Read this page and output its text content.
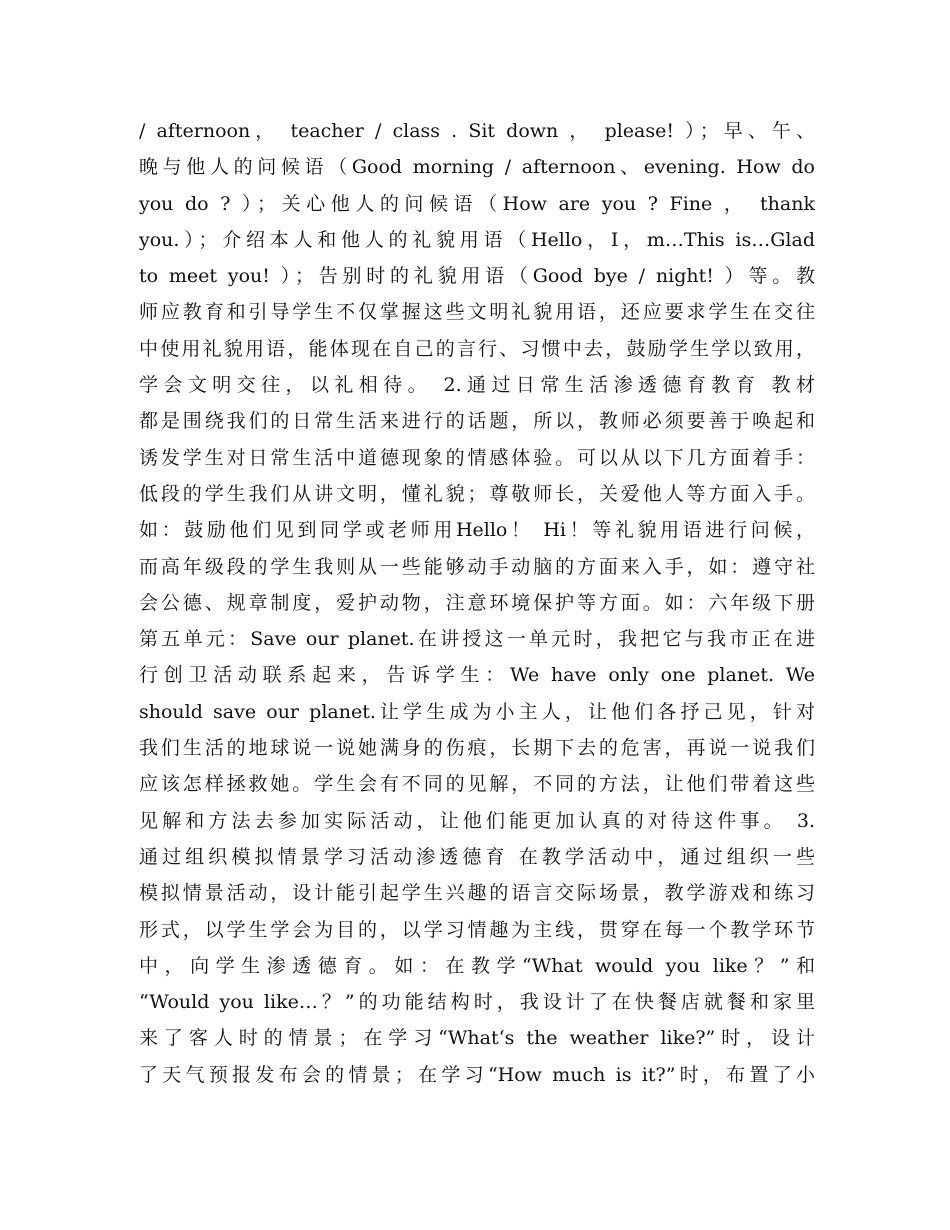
/ afternoon， teacher / class . Sit down ， please! ）；早、午、
晚与他人的问候语（Good morning / afternoon、evening. How do
you do ? ）；关心他人的问候语（How are you ? Fine ， thank
you.）；介绍本人和他人的礼貌用语（Hello，I，m…This is…Glad
to meet you! ）；告别时的礼貌用语（Good bye / night! ）等。教
师应教育和引导学生不仅掌握这些文明礼貌用语，还应要求学生在交往
中使用礼貌用语，能体现在自己的言行、习惯中去，鼓励学生学以致用，
学会文明交往，以礼相待。 2.通过日常生活渗透德育教育 教材
都是围绕我们的日常生活来进行的话题，所以，教师必须要善于唤起和
诱发学生对日常生活中道德现象的情感体验。可以从以下几方面着手：
低段的学生我们从讲文明，懂礼貌；尊敬师长，关爱他人等方面入手。
如：鼓励他们见到同学或老师用Hello！ Hi！等礼貌用语进行问候，
而高年级段的学生我则从一些能够动手动脑的方面来入手，如：遵守社
会公德、规章制度，爱护动物，注意环境保护等方面。如：六年级下册
第五单元：Save our planet.在讲授这一单元时，我把它与我市正在进
行创卫活动联系起来，告诉学生：We have only one planet. We
should save our planet.让学生成为小主人，让他们各抒己见，针对
我们生活的地球说一说她满身的伤痕，长期下去的危害，再说一说我们
应该怎样拯救她。学生会有不同的见解，不同的方法，让他们带着这些
见解和方法去参加实际活动，让他们能更加认真的对待这件事。 3.
通过组织模拟情景学习活动渗透德育 在教学活动中，通过组织一些
模拟情景活动，设计能引起学生兴趣的语言交际场景，教学游戏和练习
形式，以学生学会为目的，以学习情趣为主线，贯穿在每一个教学环节
中，向学生渗透德育。如：在教学“What would you like？”和
“Would you like…？”的功能结构时，我设计了在快餐店就餐和家里
来了客人时的情景；在学习“What‘s the weather like?”时，设计
了天气预报发布会的情景；在学习“How much is it?”时，布置了小
